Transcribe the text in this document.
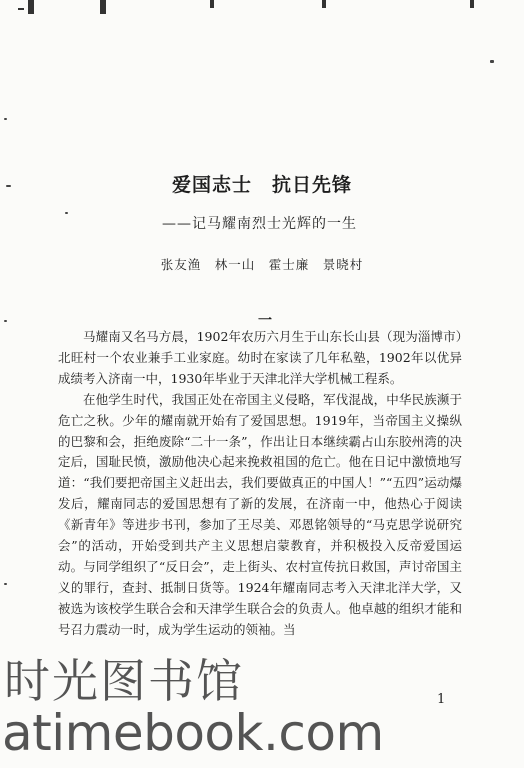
爱国志士　抗日先锋
——记马耀南烈士光辉的一生
张友渔　林一山　霍士廉　景晓村
一

马耀南又名马方晨，1902年农历六月生于山东长山县（现为淄博市）北旺村一个农业兼手工业家庭。幼时在家读了几年私塾，1902年以优异成绩考入济南一中，1930年毕业于天津北洋大学机械工程系。

在他学生时代，我国正处在帝国主义侵略，军伐混战，中华民族濒于危亡之秋。少年的耀南就开始有了爱国思想。1919年，当帝国主义操纵的巴黎和会，拒绝废除“二十一条”，作出让日本继续霸占山东胶州湾的决定后，国耻民愤，激励他决心起来挽救祖国的危亡。他在日记中激愤地写道：“我们要把帝国主义赶出去，我们要做真正的中国人！”“五四”运动爆发后，耀南同志的爱国思想有了新的发展，在济南一中，他热心于阅读《新青年》等进步书刊，参加了王尽美、邓恩铭领导的“马克思学说研究会”的活动，开始受到共产主义思想启蒙教育，并积极投入反帝爱国运动。与同学组织了“反日会”，走上街头、农村宣传抗日救国，声讨帝国主义的罪行，查封、抵制日货等。1924年耀南同志考入天津北洋大学，又被选为该校学生联合会和天津学生联合会的负责人。他卓越的组织才能和号召力震动一时，成为学生运动的领袖。当

1
时光图书馆
atimebook.com
